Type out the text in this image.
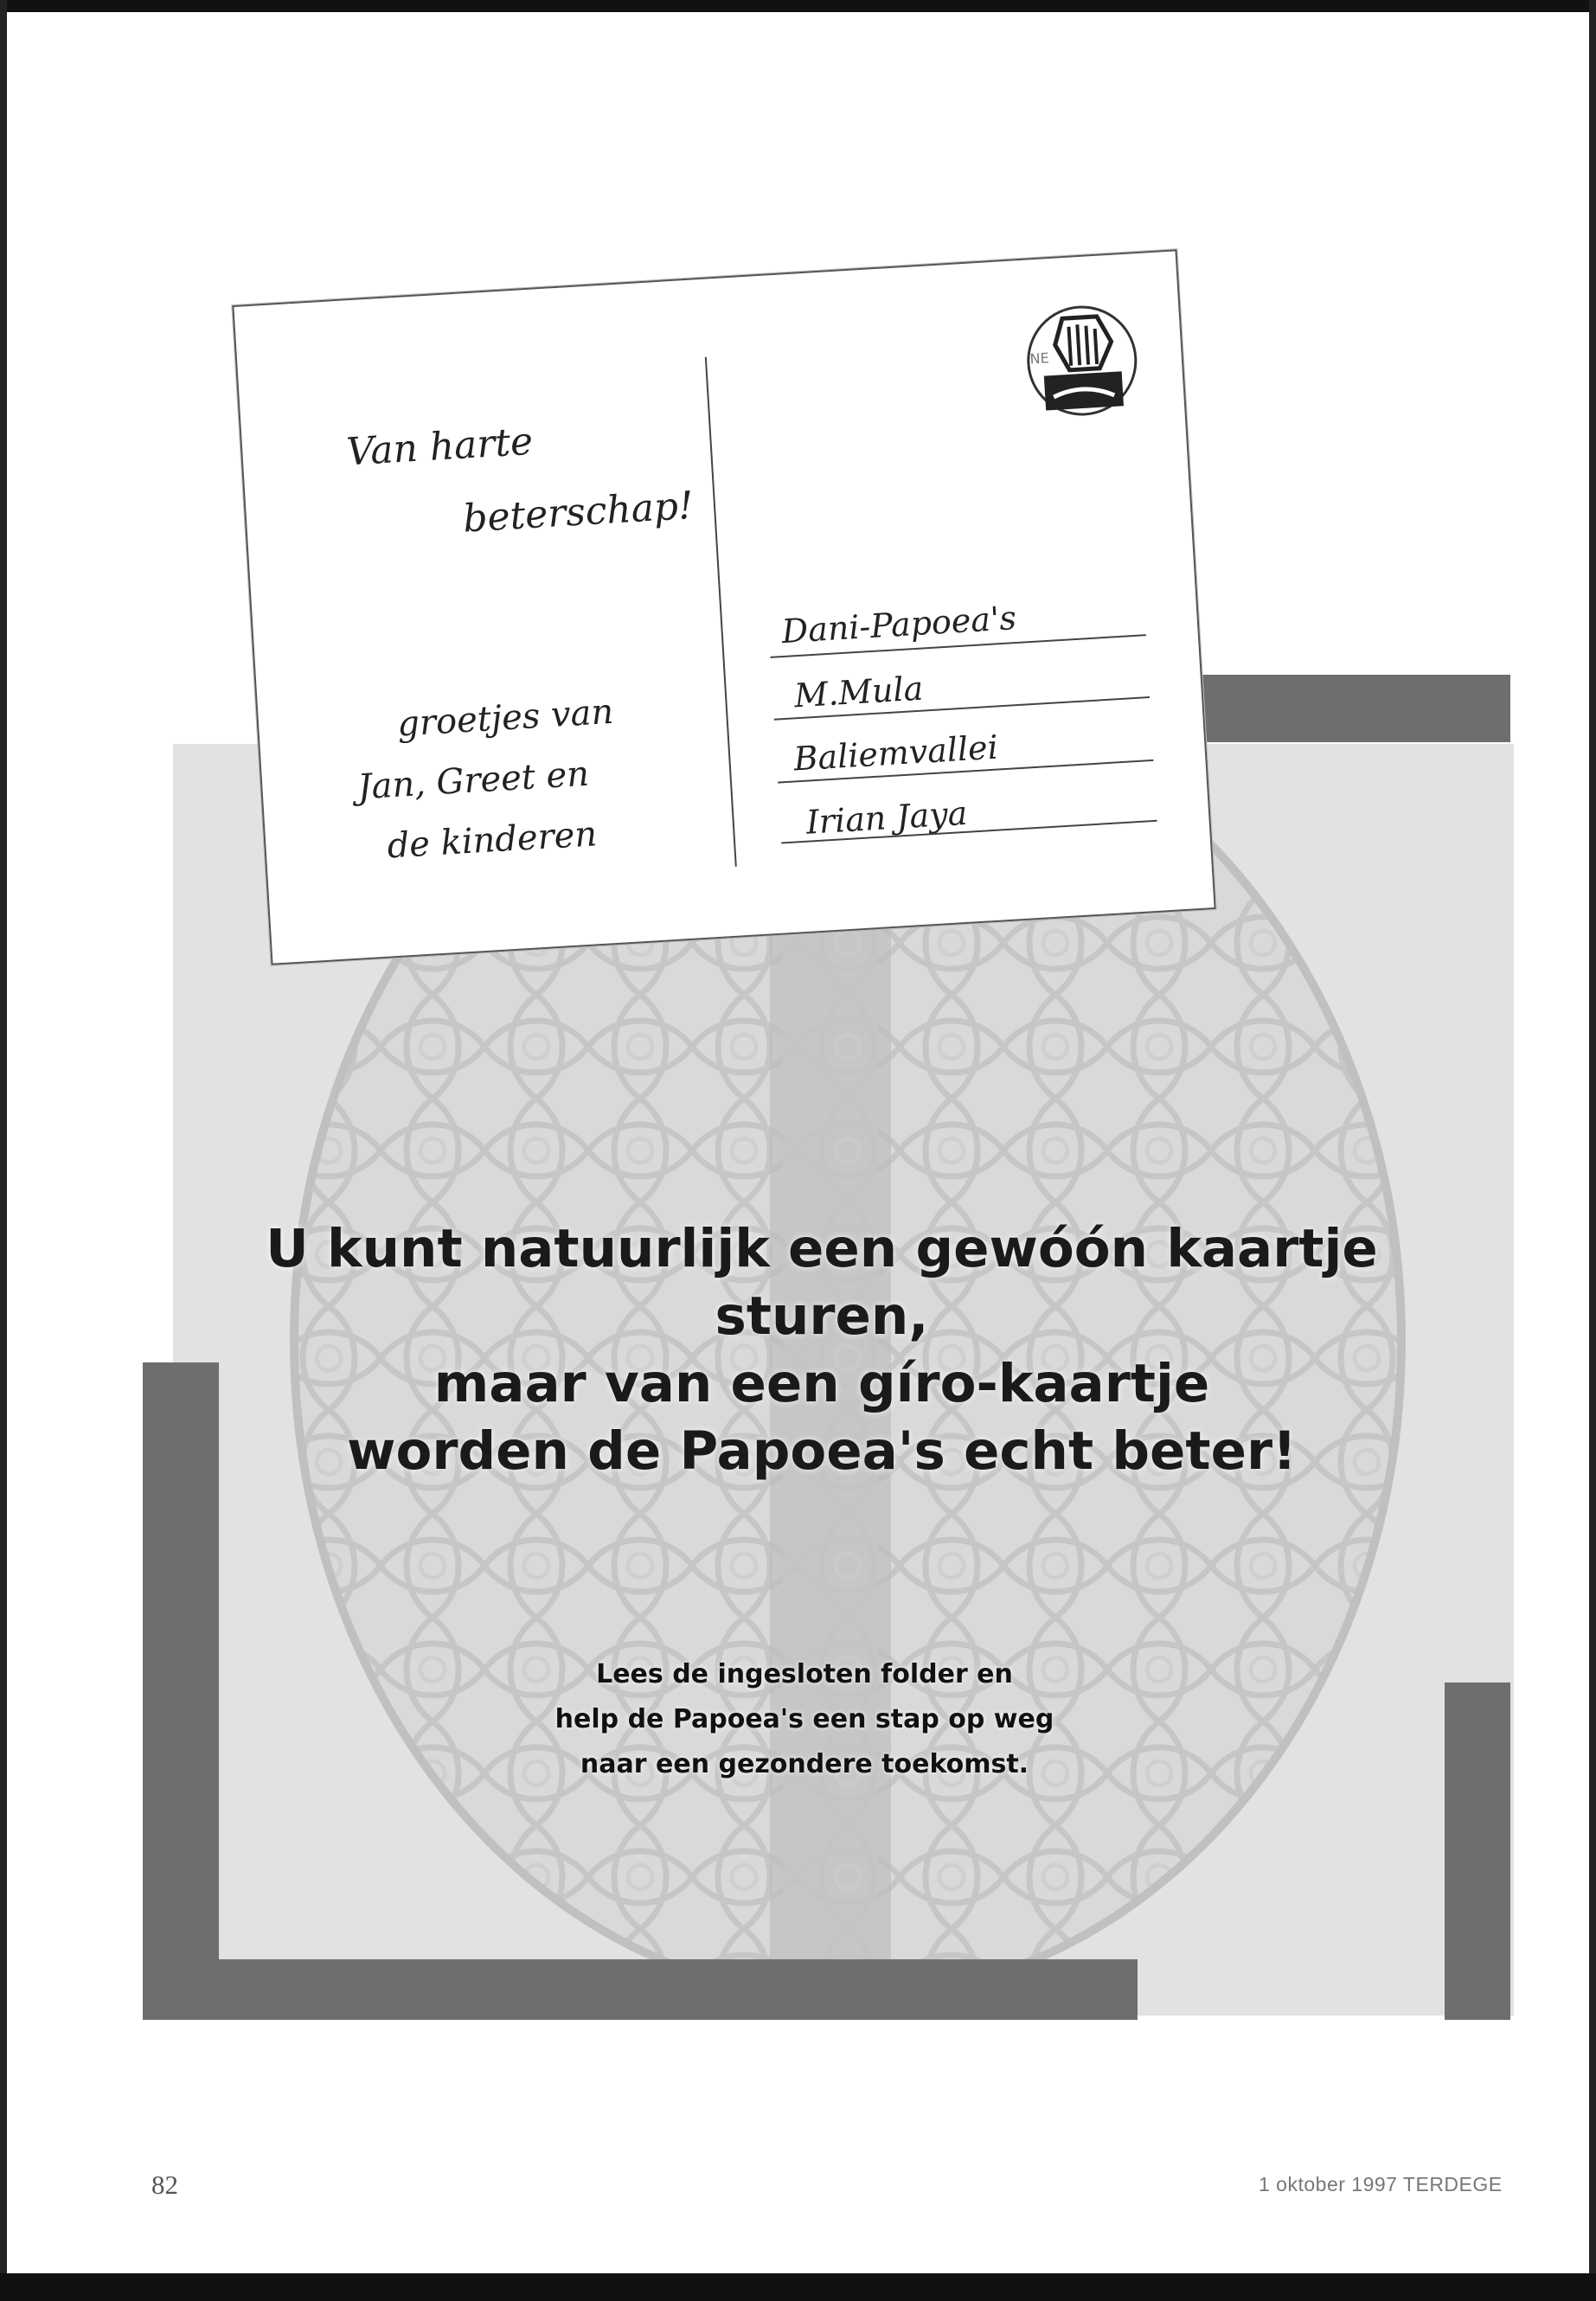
Van harte
beterschap!
groetjes van
Jan, Greet en
de kinderen
NE
Dani-Papoea's
M.Mula
Baliemvallei
Irian Jaya
U kunt natuurlijk een gewóón kaartje sturen,
maar van een gíro-kaartje
worden de Papoea's echt beter!
Lees de ingesloten folder en
help de Papoea's een stap op weg
naar een gezondere toekomst.
82	1 oktober 1997 TERDEGE
